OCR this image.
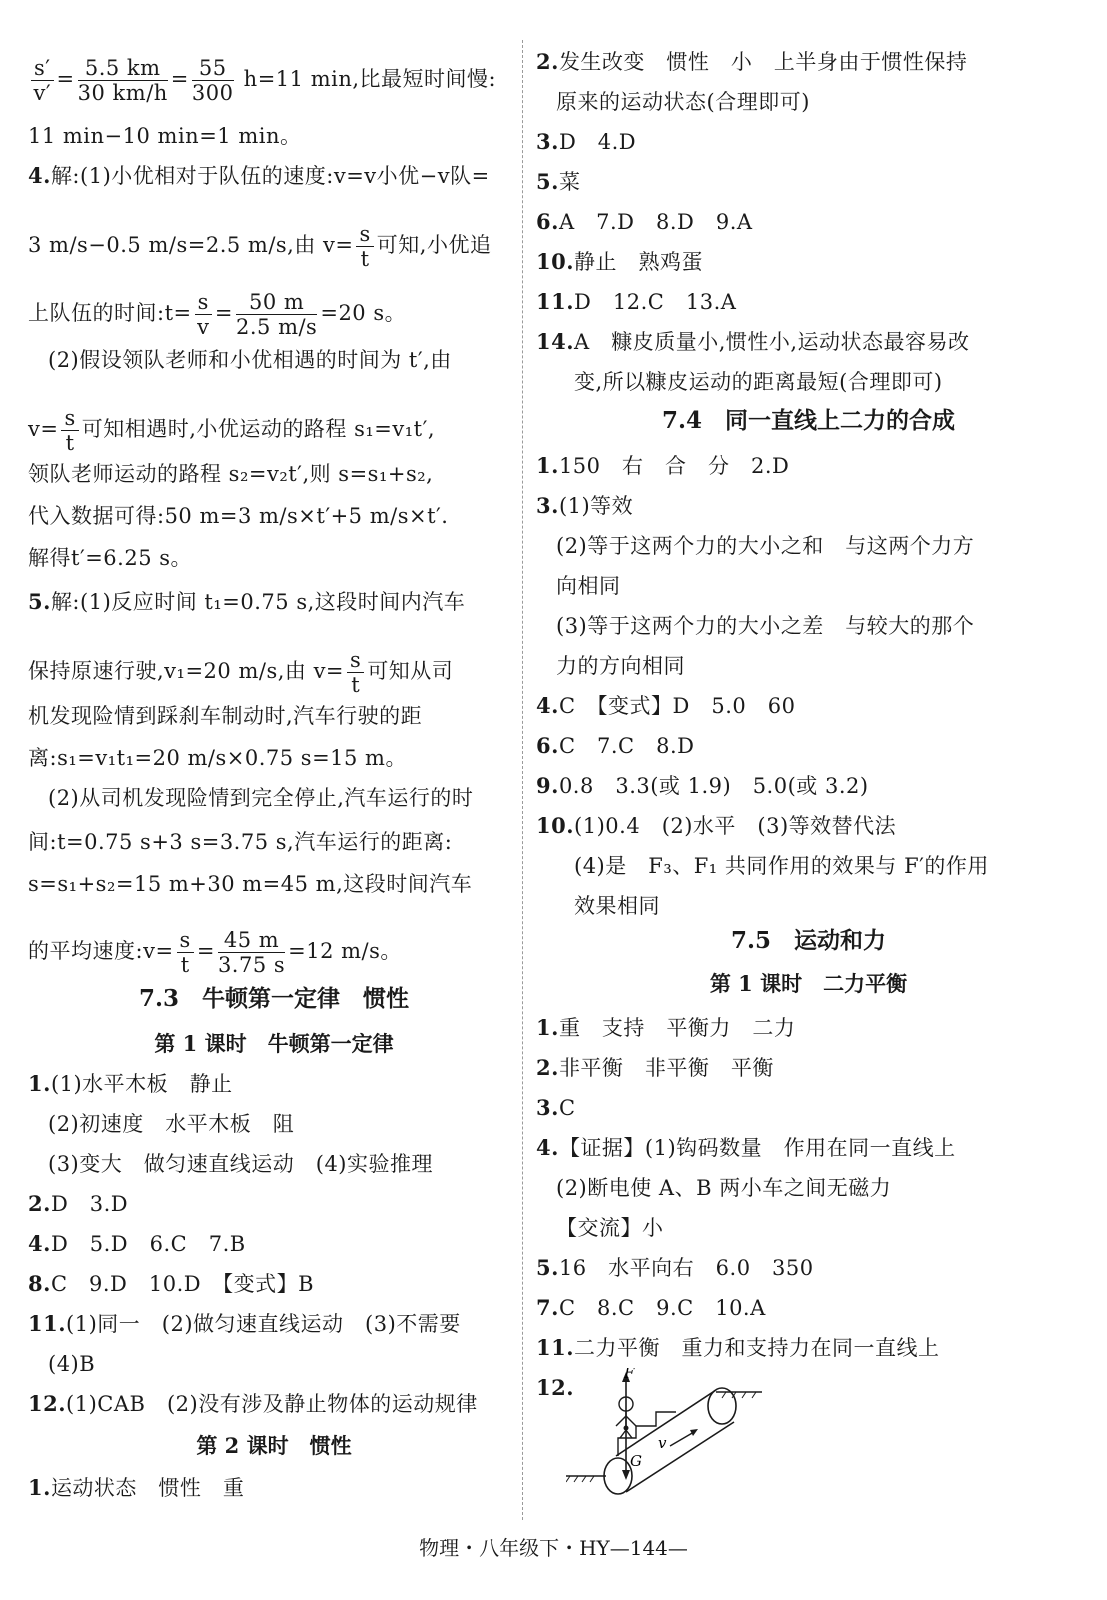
$\frac{s'}{v'} = \frac{5.5 km}{30 km/h} = \frac{55}{300} h=11$ min,比最短时间慢:
11 min−10 min=1 min。
4.解:(1)小优相对于队伍的速度:v=v小优−v队=
3 m/s−0.5 m/s=2.5 m/s,由 $v= \frac{s}{t}$ 可知,小优追
上队伍的时间:t= $\frac{s}{v} = \frac{50 m}{2.5 m/s} =20$ s。
(2)假设领队老师和小优相遇的时间为 t′,由
$v= \frac{s}{t}$ 可知相遇时,小优运动的路程 s₁=v₁t′,
领队老师运动的路程 s₂=v₂t′,则 s=s₁+s₂,
代入数据可得:50 m=3 m/s×t′+5 m/s×t′.
解得t′=6.25 s。
5.解:(1)反应时间 t₁=0.75 s,这段时间内汽车
保持原速行驶,v₁=20 m/s,由 $v= \frac{s}{t}$ 可知从司
机发现险情到踩刹车制动时,汽车行驶的距
离:s₁=v₁t₁=20 m/s×0.75 s=15 m。
(2)从司机发现险情到完全停止,汽车运行的时
间:t=0.75 s+3 s=3.75 s,汽车运行的距离:
s=s₁+s₂=15 m+30 m=45 m,这段时间汽车
的平均速度:v= $\frac{s}{t} = \frac{45 m}{3.75 s} =12$ m/s。
1.(1)水平木板　静止
(2)初速度　水平木板　阻
(3)变大　做匀速直线运动　(4)实验推理
2.D　3.D
4.D　5.D　6.C　7.B
8.C　9.D　10.D　【变式】B
11.(1)同一　(2)做匀速直线运动　(3)不需要
(4)B
12.(1)CAB　(2)没有涉及静止物体的运动规律
1.运动状态　惯性　重
7.3　牛顿第一定律　惯性
第 1 课时　牛顿第一定律
第 2 课时　惯性
2.发生改变　惯性　小　上半身由于惯性保持
原来的运动状态(合理即可)
3.D　4.D
5.菜
6.A　7.D　8.D　9.A
10.静止　熟鸡蛋
11.D　12.C　13.A
14.A　糠皮质量小,惯性小,运动状态最容易改
变,所以糠皮运动的距离最短(合理即可)
1.150　右　合　分　2.D
3.(1)等效
(2)等于这两个力的大小之和　与这两个力方
向相同
(3)等于这两个力的大小之差　与较大的那个
力的方向相同
4.C　【变式】D　5.0　60
6.C　7.C　8.D
9.0.8　3.3(或 1.9)　5.0(或 3.2)
10.(1)0.4　(2)水平　(3)等效替代法
(4)是　F₃、F₁ 共同作用的效果与 F′的作用
效果相同
1.重　支持　平衡力　二力
2.非平衡　非平衡　平衡
3.C
4.【证据】(1)钩码数量　作用在同一直线上
(2)断电使 A、B 两小车之间无磁力
【交流】小
5.16　水平向右　6.0　350
7.C　8.C　9.C　10.A
11.二力平衡　重力和支持力在同一直线上
12.
7.4　同一直线上二力的合成
7.5　运动和力
第 1 课时　二力平衡
F
v
G
物理・八年级下・HY—144—
